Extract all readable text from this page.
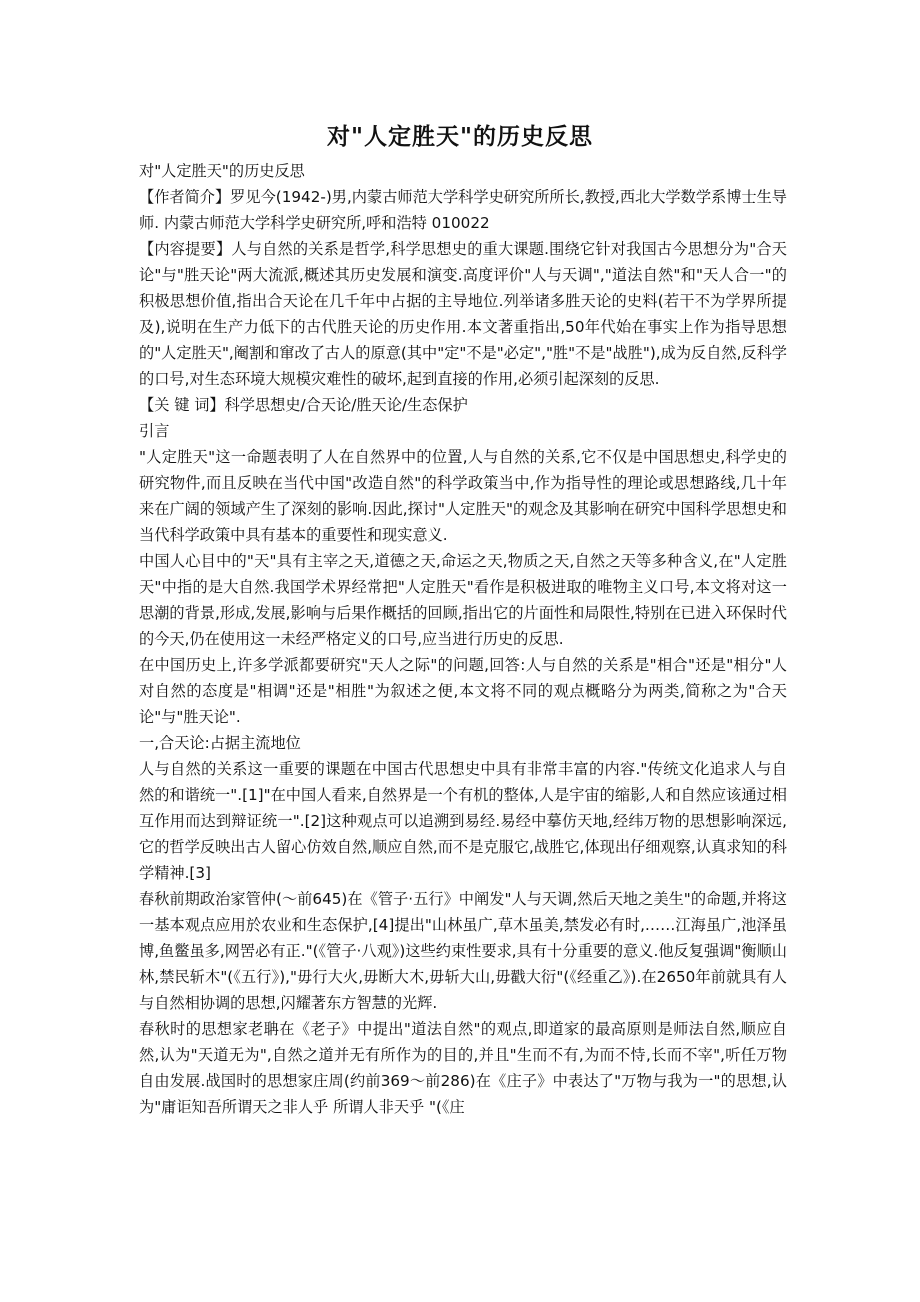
对"人定胜天"的历史反思

对"人定胜天"的历史反思

【作者简介】罗见今(1942-)男,内蒙古师范大学科学史研究所所长,教授,西北大学数学系博士生导师. 内蒙古师范大学科学史研究所,呼和浩特 010022

【内容提要】人与自然的关系是哲学,科学思想史的重大课题.围绕它针对我国古今思想分为"合天论"与"胜天论"两大流派,概述其历史发展和演变.高度评价"人与天调","道法自然"和"天人合一"的积极思想价值,指出合天论在几千年中占据的主导地位.列举诸多胜天论的史料(若干不为学界所提及),说明在生产力低下的古代胜天论的历史作用.本文著重指出,50年代始在事实上作为指导思想的"人定胜天",阉割和窜改了古人的原意(其中"定"不是"必定","胜"不是"战胜"),成为反自然,反科学的口号,对生态环境大规模灾难性的破坏,起到直接的作用,必须引起深刻的反思.

【关 键 词】科学思想史/合天论/胜天论/生态保护

引言

"人定胜天"这一命题表明了人在自然界中的位置,人与自然的关系,它不仅是中国思想史,科学史的研究物件,而且反映在当代中国"改造自然"的科学政策当中,作为指导性的理论或思想路线,几十年来在广阔的领域产生了深刻的影响.因此,探讨"人定胜天"的观念及其影响在研究中国科学思想史和当代科学政策中具有基本的重要性和现实意义.

中国人心目中的"天"具有主宰之天,道德之天,命运之天,物质之天,自然之天等多种含义,在"人定胜天"中指的是大自然.我国学术界经常把"人定胜天"看作是积极进取的唯物主义口号,本文将对这一思潮的背景,形成,发展,影响与后果作概括的回顾,指出它的片面性和局限性,特别在已进入环保时代的今天,仍在使用这一未经严格定义的口号,应当进行历史的反思.

在中国历史上,许多学派都要研究"天人之际"的问题,回答:人与自然的关系是"相合"还是"相分"人对自然的态度是"相调"还是"相胜"为叙述之便,本文将不同的观点概略分为两类,简称之为"合天论"与"胜天论".

一,合天论:占据主流地位

人与自然的关系这一重要的课题在中国古代思想史中具有非常丰富的内容."传统文化追求人与自然的和谐统一".[1]"在中国人看来,自然界是一个有机的整体,人是宇宙的缩影,人和自然应该通过相互作用而达到辩证统一".[2]这种观点可以追溯到易经.易经中摹仿天地,经纬万物的思想影响深远,它的哲学反映出古人留心仿效自然,顺应自然,而不是克服它,战胜它,体现出仔细观察,认真求知的科学精神.[3]

春秋前期政治家管仲(～前645)在《管子·五行》中阐发"人与天调,然后天地之美生"的命题,并将这一基本观点应用於农业和生态保护,[4]提出"山林虽广,草木虽美,禁发必有时,……江海虽广,池泽虽博,鱼鳖虽多,网罟必有正."(《管子·八观》)这些约束性要求,具有十分重要的意义.他反复强调"衡顺山林,禁民斩木"(《五行》),"毋行大火,毋断大木,毋斩大山,毋戳大衍"(《经重乙》).在2650年前就具有人与自然相协调的思想,闪耀著东方智慧的光辉.

春秋时的思想家老聃在《老子》中提出"道法自然"的观点,即道家的最高原则是师法自然,顺应自然,认为"天道无为",自然之道并无有所作为的目的,并且"生而不有,为而不恃,长而不宰",听任万物自由发展.战国时的思想家庄周(约前369～前286)在《庄子》中表达了"万物与我为一"的思想,认为"庸讵知吾所谓天之非人乎 所谓人非天乎 "(《庄
